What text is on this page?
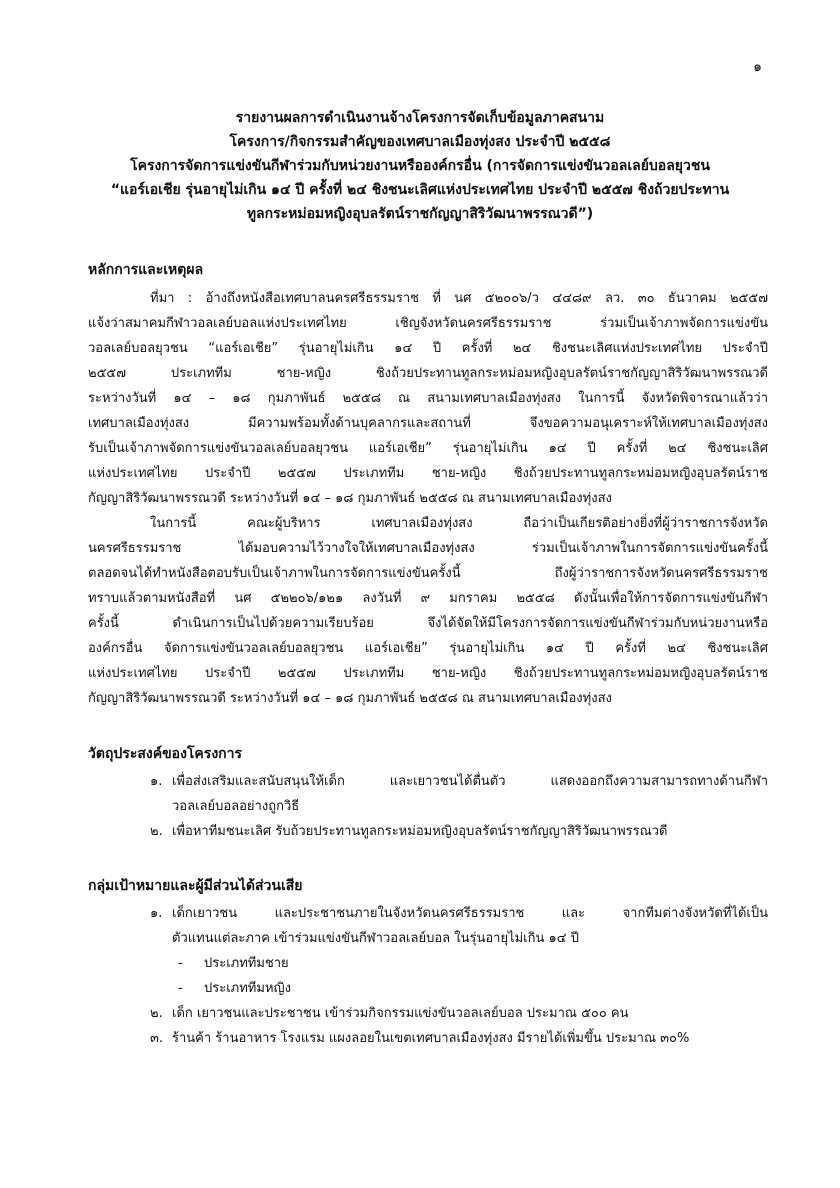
๑
รายงานผลการดำเนินงานจ้างโครงการจัดเก็บข้อมูลภาคสนาม
โครงการ/กิจกรรมสำคัญของเทศบาลเมืองทุ่งสง ประจำปี ๒๕๕๘
โครงการจัดการแข่งขันกีฬาร่วมกับหน่วยงานหรือองค์กรอื่น (การจัดการแข่งขันวอลเลย์บอลยุวชน
“แอร์เอเชีย รุ่นอายุไม่เกิน ๑๔ ปี ครั้งที่ ๒๔ ชิงชนะเลิศแห่งประเทศไทย ประจำปี ๒๕๕๗ ชิงถ้วยประทาน
ทูลกระหม่อมหญิงอุบลรัตน์ราชกัญญาสิริวัฒนาพรรณวดี”)
หลักการและเหตุผล
ที่มา : อ้างถึงหนังสือเทศบาลนครศรีธรรมราช ที่ นศ ๕๒๐๐๖/ว ๔๔๘๙ ลว. ๓๐ ธันวาคม ๒๕๕๗
แจ้งว่าสมาคมกีฬาวอลเลย์บอลแห่งประเทศไทย เชิญจังหวัดนครศรีธรรมราช ร่วมเป็นเจ้าภาพจัดการแข่งขัน
วอลเลย์บอลยุวชน “แอร์เอเชีย” รุ่นอายุไม่เกิน ๑๔ ปี ครั้งที่ ๒๔ ชิงชนะเลิศแห่งประเทศไทย ประจำปี
๒๕๕๗ ประเภททีม ชาย-หญิง ชิงถ้วยประทานทูลกระหม่อมหญิงอุบลรัตน์ราชกัญญาสิริวัฒนาพรรณวดี
ระหว่างวันที่ ๑๔ – ๑๘ กุมภาพันธ์ ๒๕๕๘ ณ สนามเทศบาลเมืองทุ่งสง ในการนี้ จังหวัดพิจารณาแล้วว่า
เทศบาลเมืองทุ่งสง มีความพร้อมทั้งด้านบุคลากรและสถานที่ จึงขอความอนุเคราะห์ให้เทศบาลเมืองทุ่งสง
รับเป็นเจ้าภาพจัดการแข่งขันวอลเลย์บอลยุวชน แอร์เอเชีย” รุ่นอายุไม่เกิน ๑๔ ปี ครั้งที่ ๒๔ ชิงชนะเลิศ
แห่งประเทศไทย ประจำปี ๒๕๕๗ ประเภททีม ชาย-หญิง ชิงถ้วยประทานทูลกระหม่อมหญิงอุบลรัตน์ราช
กัญญาสิริวัฒนาพรรณวดี ระหว่างวันที่ ๑๔ – ๑๘ กุมภาพันธ์ ๒๕๕๘ ณ สนามเทศบาลเมืองทุ่งสง
ในการนี้ คณะผู้บริหาร เทศบาลเมืองทุ่งสง ถือว่าเป็นเกียรติอย่างยิ่งที่ผู้ว่าราชการจังหวัด
นครศรีธรรมราช ได้มอบความไว้วางใจให้เทศบาลเมืองทุ่งสง ร่วมเป็นเจ้าภาพในการจัดการแข่งขันครั้งนี้
ตลอดจนได้ทำหนังสือตอบรับเป็นเจ้าภาพในการจัดการแข่งขันครั้งนี้ ถึงผู้ว่าราชการจังหวัดนครศรีธรรมราช
ทราบแล้วตามหนังสือที่ นศ ๕๒๒๐๖/๑๒๑ ลงวันที่ ๙ มกราคม ๒๕๕๘ ดังนั้นเพื่อให้การจัดการแข่งขันกีฬา
ครั้งนี้ ดำเนินการเป็นไปด้วยความเรียบร้อย จึงได้จัดให้มีโครงการจัดการแข่งขันกีฬาร่วมกับหน่วยงานหรือ
องค์กรอื่น จัดการแข่งขันวอลเลย์บอลยุวชน แอร์เอเชีย” รุ่นอายุไม่เกิน ๑๔ ปี ครั้งที่ ๒๔ ชิงชนะเลิศ
แห่งประเทศไทย ประจำปี ๒๕๕๗ ประเภททีม ชาย-หญิง ชิงถ้วยประทานทูลกระหม่อมหญิงอุบลรัตน์ราช
กัญญาสิริวัฒนาพรรณวดี ระหว่างวันที่ ๑๔ – ๑๘ กุมภาพันธ์ ๒๕๕๘ ณ สนามเทศบาลเมืองทุ่งสง
วัตถุประสงค์ของโครงการ
๑. เพื่อส่งเสริมและสนับสนุนให้เด็ก และเยาวชนได้ตื่นตัว แสดงออกถึงความสามารถทางด้านกีฬา
วอลเลย์บอลอย่างถูกวิธี
๒. เพื่อหาทีมชนะเลิศ รับถ้วยประทานทูลกระหม่อมหญิงอุบลรัตน์ราชกัญญาสิริวัฒนาพรรณวดี
กลุ่มเป้าหมายและผู้มีส่วนได้ส่วนเสีย
๑. เด็กเยาวชน และประชาชนภายในจังหวัดนครศรีธรรมราช และ จากทีมต่างจังหวัดที่ได้เป็น
ตัวแทนแต่ละภาค เข้าร่วมแข่งขันกีฬาวอลเลย์บอล ในรุ่นอายุไม่เกิน ๑๔ ปี
- ประเภททีมชาย
- ประเภททีมหญิง
๒. เด็ก เยาวชนและประชาชน เข้าร่วมกิจกรรมแข่งขันวอลเลย์บอล ประมาณ ๕๐๐ คน
๓. ร้านค้า ร้านอาหาร โรงแรม แผงลอยในเขตเทศบาลเมืองทุ่งสง มีรายได้เพิ่มขึ้น ประมาณ ๓๐%
